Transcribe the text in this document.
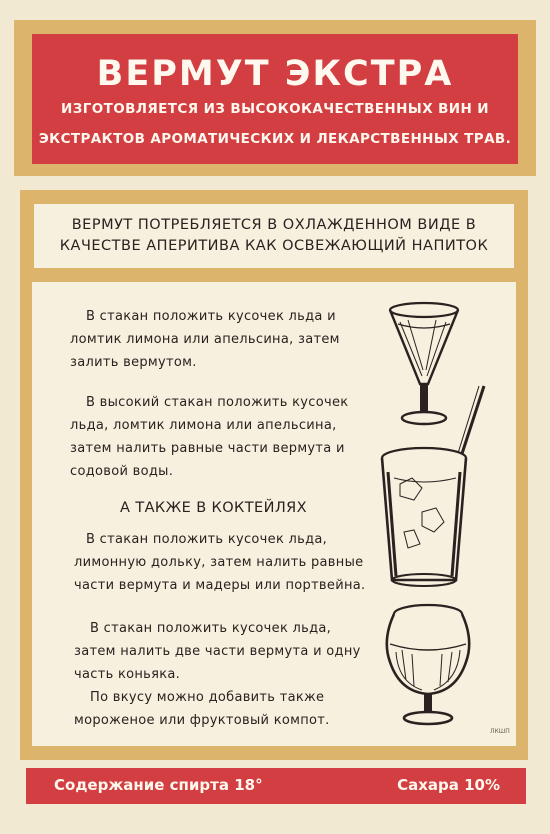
ВЕРМУТ ЭКСТРА
ИЗГОТОВЛЯЕТСЯ ИЗ ВЫСОКОКАЧЕСТВЕННЫХ ВИН И
ЭКСТРАКТОВ АРОМАТИЧЕСКИХ И ЛЕКАРСТВЕННЫХ ТРАВ.
ВЕРМУТ ПОТРЕБЛЯЕТСЯ В ОХЛАЖДЕННОМ ВИДЕ В
КАЧЕСТВЕ АПЕРИТИВА КАК ОСВЕЖАЮЩИЙ НАПИТОК
В стакан положить кусочек льда и
ломтик лимона или апельсина, затем
залить вермутом.
В высокий стакан положить кусочек
льда, ломтик лимона или апельсина,
затем налить равные части вермута и
содовой воды.
А ТАКЖЕ В КОКТЕЙЛЯХ
В стакан положить кусочек льда,
лимонную дольку, затем налить равные
части вермута и мадеры или портвейна.
В стакан положить кусочек льда,
затем налить две части вермута и одну
часть коньяка.
По вкусу можно добавить также
мороженое или фруктовый компот.
ЛКШП
Содержание спирта 18°	Сахара 10%
